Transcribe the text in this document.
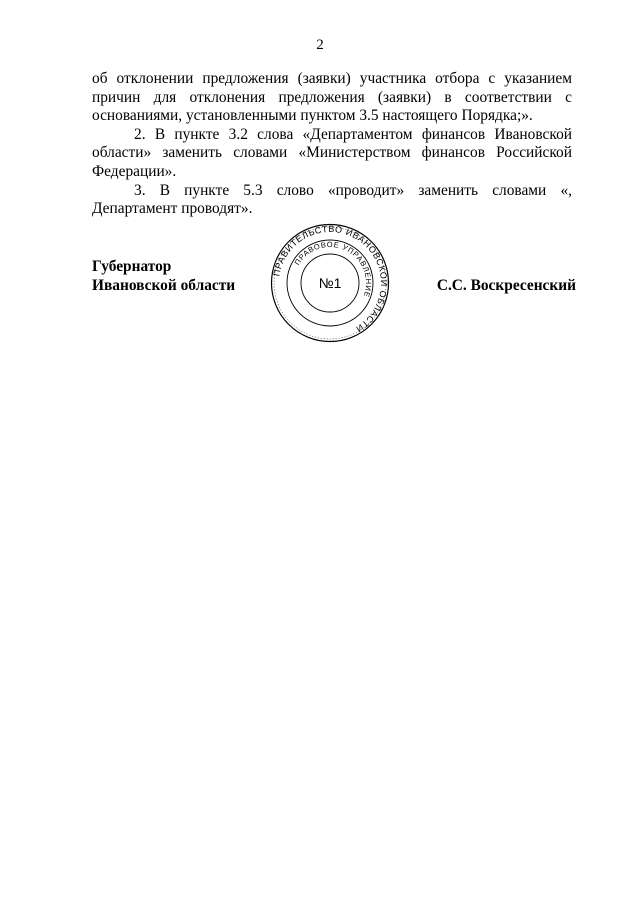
2

об отклонении предложения (заявки) участника отбора с указанием причин для отклонения предложения (заявки) в соответствии с основаниями, установленными пунктом 3.5 настоящего Порядка;».

2. В пункте 3.2 слова «Департаментом финансов Ивановской области» заменить словами «Министерством финансов Российской Федерации».

3. В пункте 5.3 слово «проводит» заменить словами «, Департамент проводят».

Губернатор
Ивановской области	С.С. Воскресенский
ПРАВИТЕЛЬСТВО ИВАНОВСКОЙ ОБЛАСТИ
ПРАВОВОЕ УПРАВЛЕНИЕ
№1
